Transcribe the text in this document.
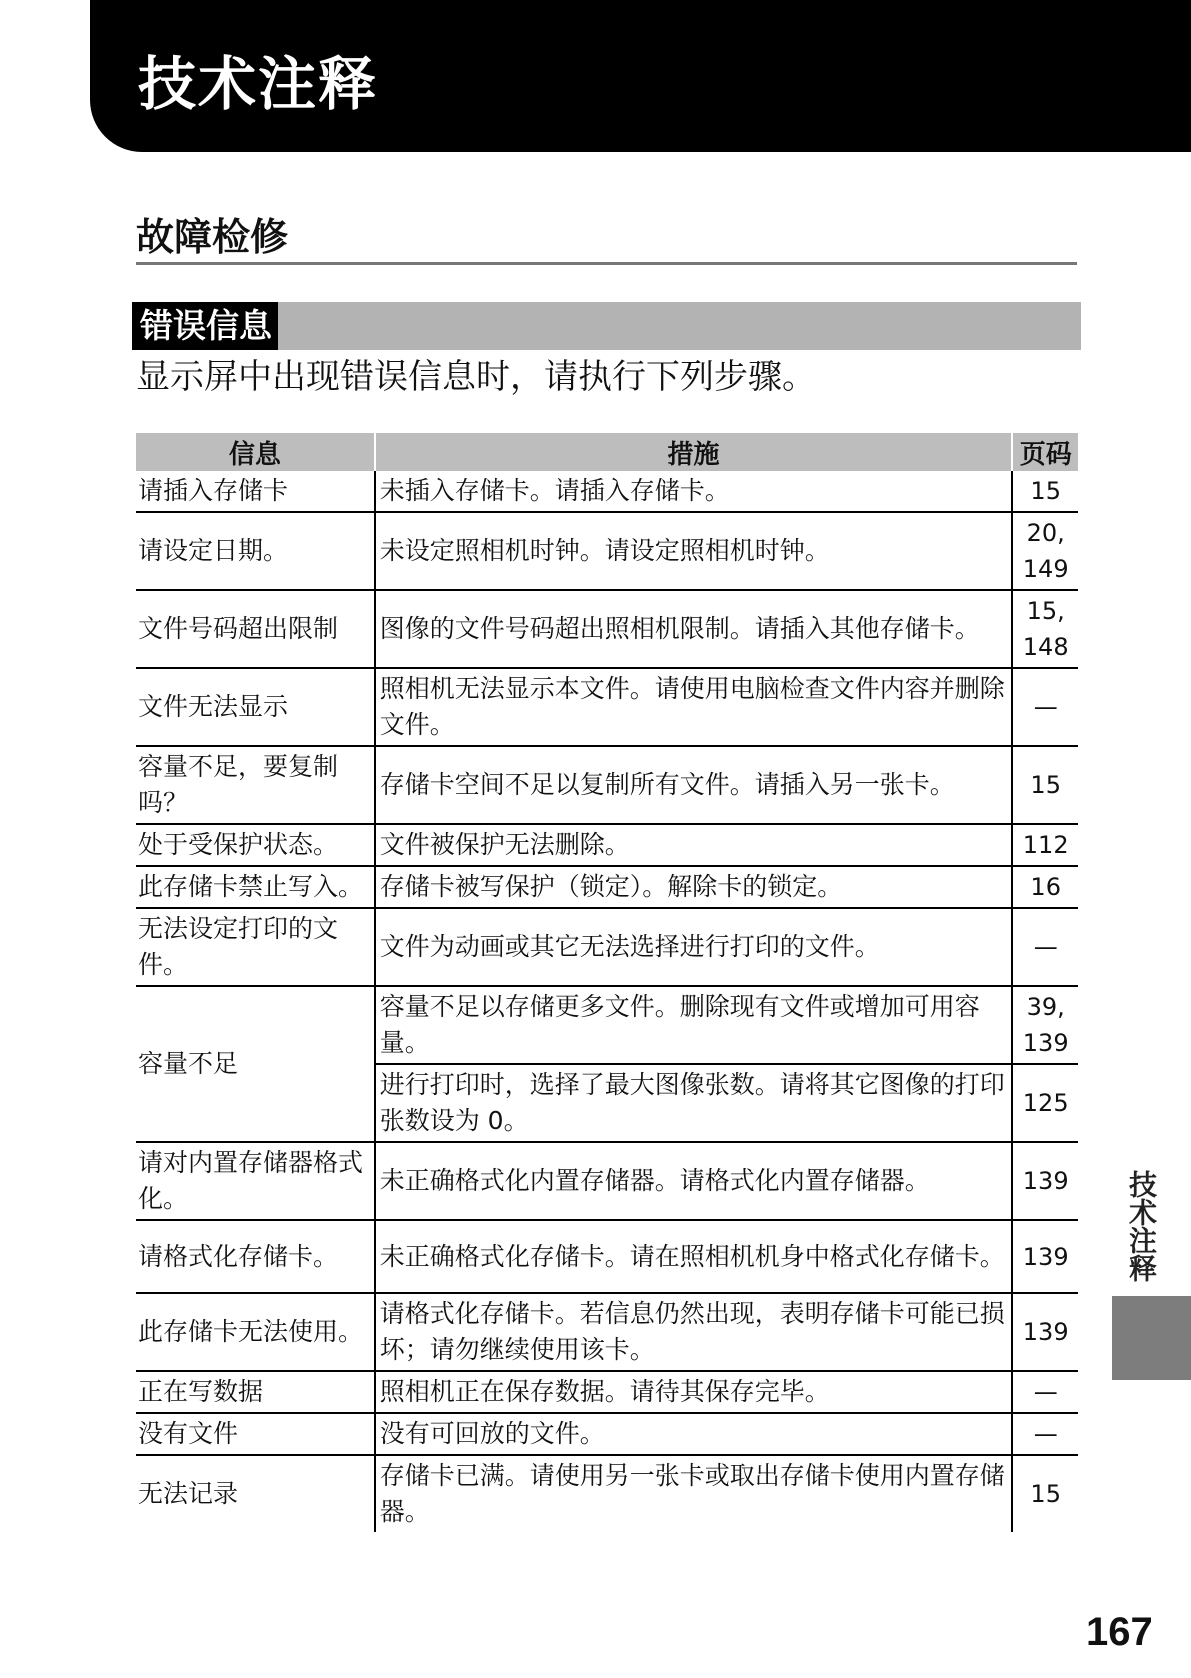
技术注释
故障检修
错误信息
显示屏中出现错误信息时，请执行下列步骤。
信息	措施	页码
请插入存储卡	未插入存储卡。请插入存储卡。	15
请设定日期。	未设定照相机时钟。请设定照相机时钟。	20,
149
文件号码超出限制	图像的文件号码超出照相机限制。请插入其他存储卡。	15,
148
文件无法显示	照相机无法显示本文件。请使用电脑检查文件内容并删除文件。	—
容量不足，要复制吗？	存储卡空间不足以复制所有文件。请插入另一张卡。	15
处于受保护状态。	文件被保护无法删除。	112
此存储卡禁止写入。	存储卡被写保护（锁定）。解除卡的锁定。	16
无法设定打印的文件。	文件为动画或其它无法选择进行打印的文件。	—
容量不足	容量不足以存储更多文件。删除现有文件或增加可用容量。	39,
139
	进行打印时，选择了最大图像张数。请将其它图像的打印张数设为 0。	125
请对内置存储器格式化。	未正确格式化内置存储器。请格式化内置存储器。	139
请格式化存储卡。	未正确格式化存储卡。请在照相机机身中格式化存储卡。	139
此存储卡无法使用。	请格式化存储卡。若信息仍然出现，表明存储卡可能已损坏；请勿继续使用该卡。	139
正在写数据	照相机正在保存数据。请待其保存完毕。	—
没有文件	没有可回放的文件。	—
无法记录	存储卡已满。请使用另一张卡或取出存储卡使用内置存储器。	15
技术注释
167
